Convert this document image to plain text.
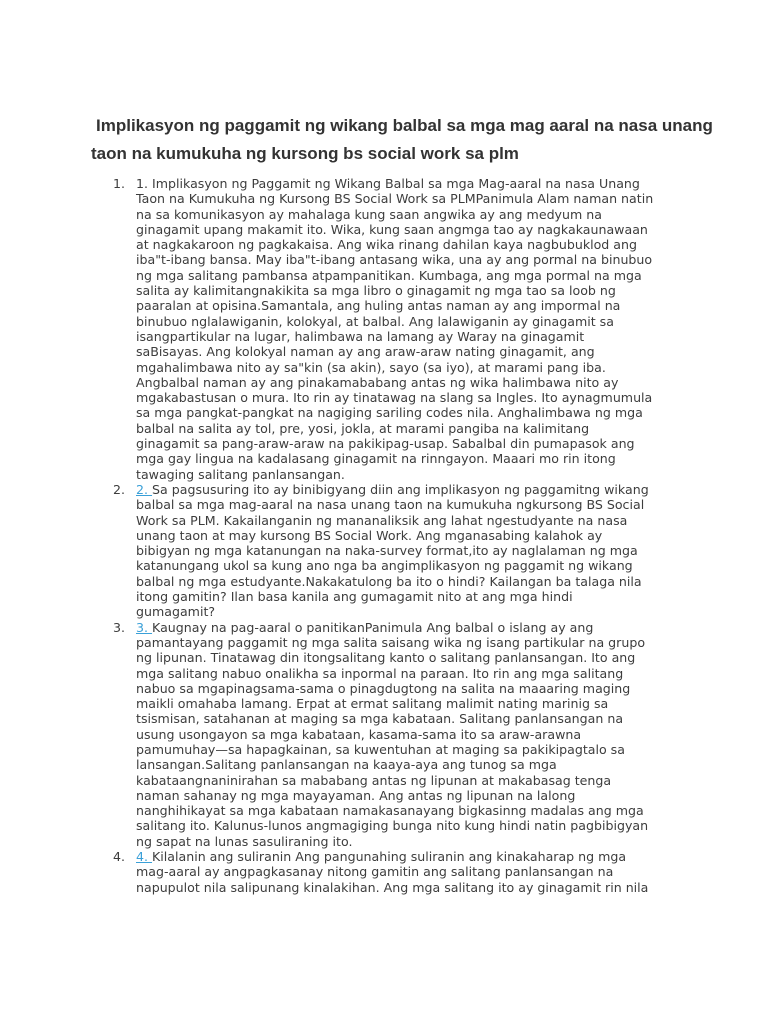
Implikasyon ng paggamit ng wikang balbal sa mga mag aaral na nasa unang
taon na kumukuha ng kursong bs social work sa plm
1. 1. Implikasyon ng Paggamit ng Wikang Balbal sa mga Mag-aaral na nasa Unang
Taon na Kumukuha ng Kursong BS Social Work sa PLMPanimula Alam naman natin
na sa komunikasyon ay mahalaga kung saan angwika ay ang medyum na
ginagamit upang makamit ito. Wika, kung saan angmga tao ay nagkakaunawaan
at nagkakaroon ng pagkakaisa. Ang wika rinang dahilan kaya nagbubuklod ang
iba"t-ibang bansa. May iba"t-ibang antasang wika, una ay ang pormal na binubuo
ng mga salitang pambansa atpampanitikan. Kumbaga, ang mga pormal na mga
salita ay kalimitangnakikita sa mga libro o ginagamit ng mga tao sa loob ng
paaralan at opisina.Samantala, ang huling antas naman ay ang impormal na
binubuo nglalawiganin, kolokyal, at balbal. Ang lalawiganin ay ginagamit sa
isangpartikular na lugar, halimbawa na lamang ay Waray na ginagamit
saBisayas. Ang kolokyal naman ay ang araw-araw nating ginagamit, ang
mgahalimbawa nito ay sa"kin (sa akin), sayo (sa iyo), at marami pang iba.
Angbalbal naman ay ang pinakamababang antas ng wika halimbawa nito ay
mgakabastusan o mura. Ito rin ay tinatawag na slang sa Ingles. Ito aynagmumula
sa mga pangkat-pangkat na nagiging sariling codes nila. Anghalimbawa ng mga
balbal na salita ay tol, pre, yosi, jokla, at marami pangiba na kalimitang
ginagamit sa pang-araw-araw na pakikipag-usap. Sabalbal din pumapasok ang
mga gay lingua na kadalasang ginagamit na rinngayon. Maaari mo rin itong
tawaging salitang panlansangan.
2. 2. Sa pagsusuring ito ay binibigyang diin ang implikasyon ng paggamitng wikang
balbal sa mga mag-aaral na nasa unang taon na kumukuha ngkursong BS Social
Work sa PLM. Kakailanganin ng mananaliksik ang lahat ngestudyante na nasa
unang taon at may kursong BS Social Work. Ang mganasabing kalahok ay
bibigyan ng mga katanungan na naka-survey format,ito ay naglalaman ng mga
katanungang ukol sa kung ano nga ba angimplikasyon ng paggamit ng wikang
balbal ng mga estudyante.Nakakatulong ba ito o hindi? Kailangan ba talaga nila
itong gamitin? Ilan basa kanila ang gumagamit nito at ang mga hindi
gumagamit?
3. 3. Kaugnay na pag-aaral o panitikanPanimula Ang balbal o islang ay ang
pamantayang paggamit ng mga salita saisang wika ng isang partikular na grupo
ng lipunan. Tinatawag din itongsalitang kanto o salitang panlansangan. Ito ang
mga salitang nabuo onalikha sa inpormal na paraan. Ito rin ang mga salitang
nabuo sa mgapinagsama-sama o pinagdugtong na salita na maaaring maging
maikli omahaba lamang. Erpat at ermat salitang malimit nating marinig sa
tsismisan, satahanan at maging sa mga kabataan. Salitang panlansangan na
usung usongayon sa mga kabataan, kasama-sama ito sa araw-arawna
pamumuhay—sa hapagkainan, sa kuwentuhan at maging sa pakikipagtalo sa
lansangan.Salitang panlansangan na kaaya-aya ang tunog sa mga
kabataangnaninirahan sa mababang antas ng lipunan at makabasag tenga
naman sahanay ng mga mayayaman. Ang antas ng lipunan na lalong
nanghihikayat sa mga kabataan namakasanayang bigkasinng madalas ang mga
salitang ito. Kalunus-lunos angmagiging bunga nito kung hindi natin pagbibigyan
ng sapat na lunas sasuliraning ito.
4. 4. Kilalanin ang suliranin Ang pangunahing suliranin ang kinakaharap ng mga
mag-aaral ay angpagkasanay nitong gamitin ang salitang panlansangan na
napupulot nila salipunang kinalakihan. Ang mga salitang ito ay ginagamit rin nila
